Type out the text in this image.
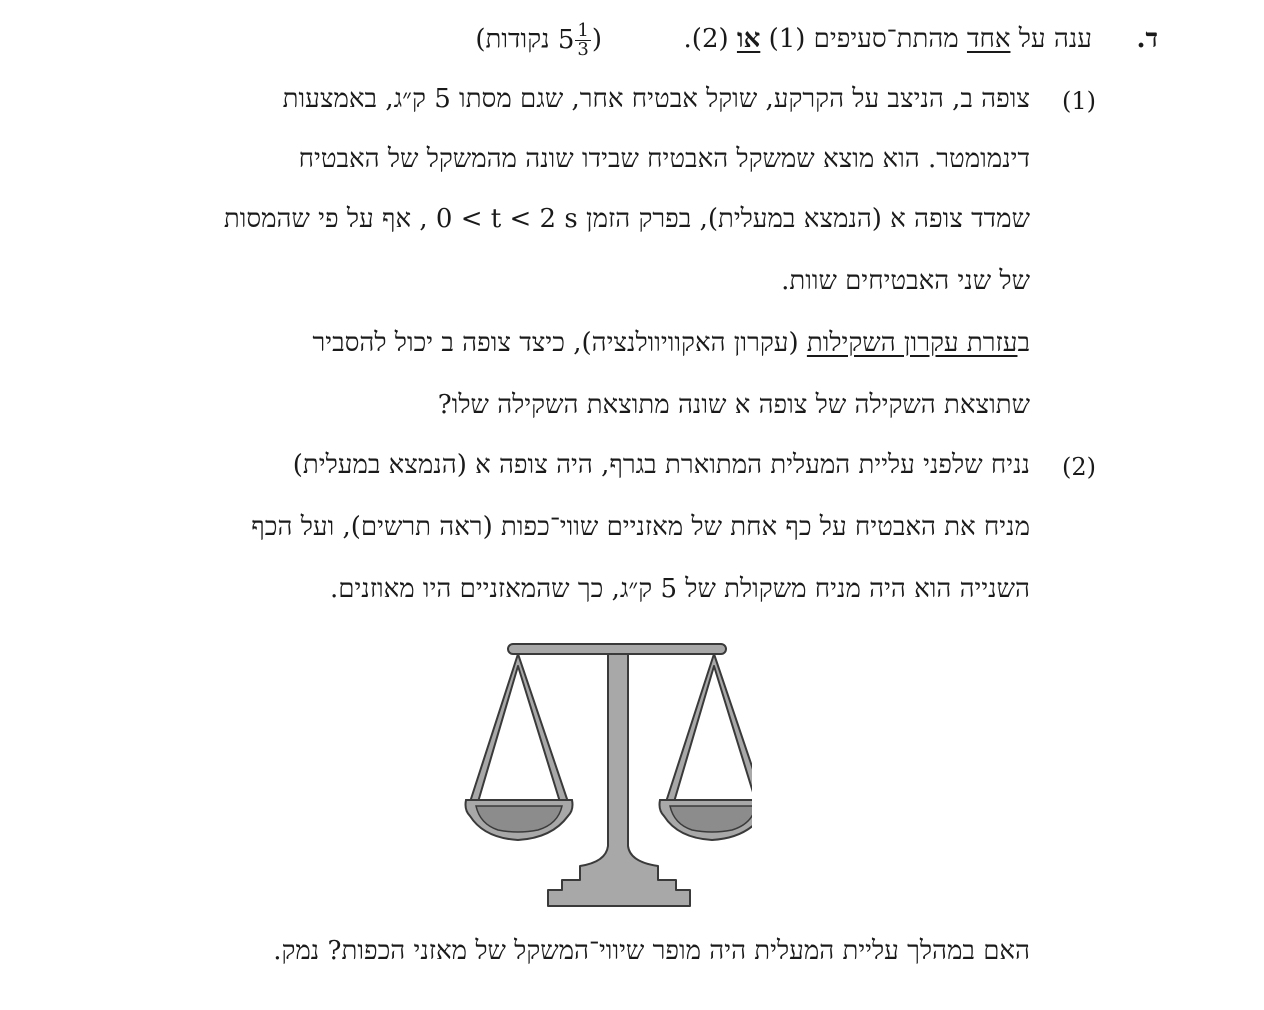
ד.
ענה על אחד מהתת־סעיפים (1) או (2).
($5 \frac{1}{3}$
נקודות)
(1)
צופה ב, הניצב על הקרקע, שוקל אבטיח אחר, שגם מסתו 5 ק״ג, באמצעות
דינמומטר. הוא מוצא שמשקל האבטיח שבידו שונה מהמשקל של האבטיח
שמדד צופה א (הנמצא במעלית), בפרק הזמן 0 < t < 2 s , אף על פי שהמסות
של שני האבטיחים שוות.
בעזרת עקרון השקילות (עקרון האקוויוולנציה), כיצד צופה ב יכול להסביר
שתוצאת השקילה של צופה א שונה מתוצאת השקילה שלו?
(2)
נניח שלפני עליית המעלית המתוארת בגרף, היה צופה א (הנמצא במעלית)
מניח את האבטיח על כף אחת של מאזניים שווי־כפות (ראה תרשים), ועל הכף
השנייה הוא היה מניח משקולת של 5 ק״ג, כך שהמאזניים היו מאוזנים.
האם במהלך עליית המעלית היה מופר שיווי־המשקל של מאזני הכפות? נמק.
